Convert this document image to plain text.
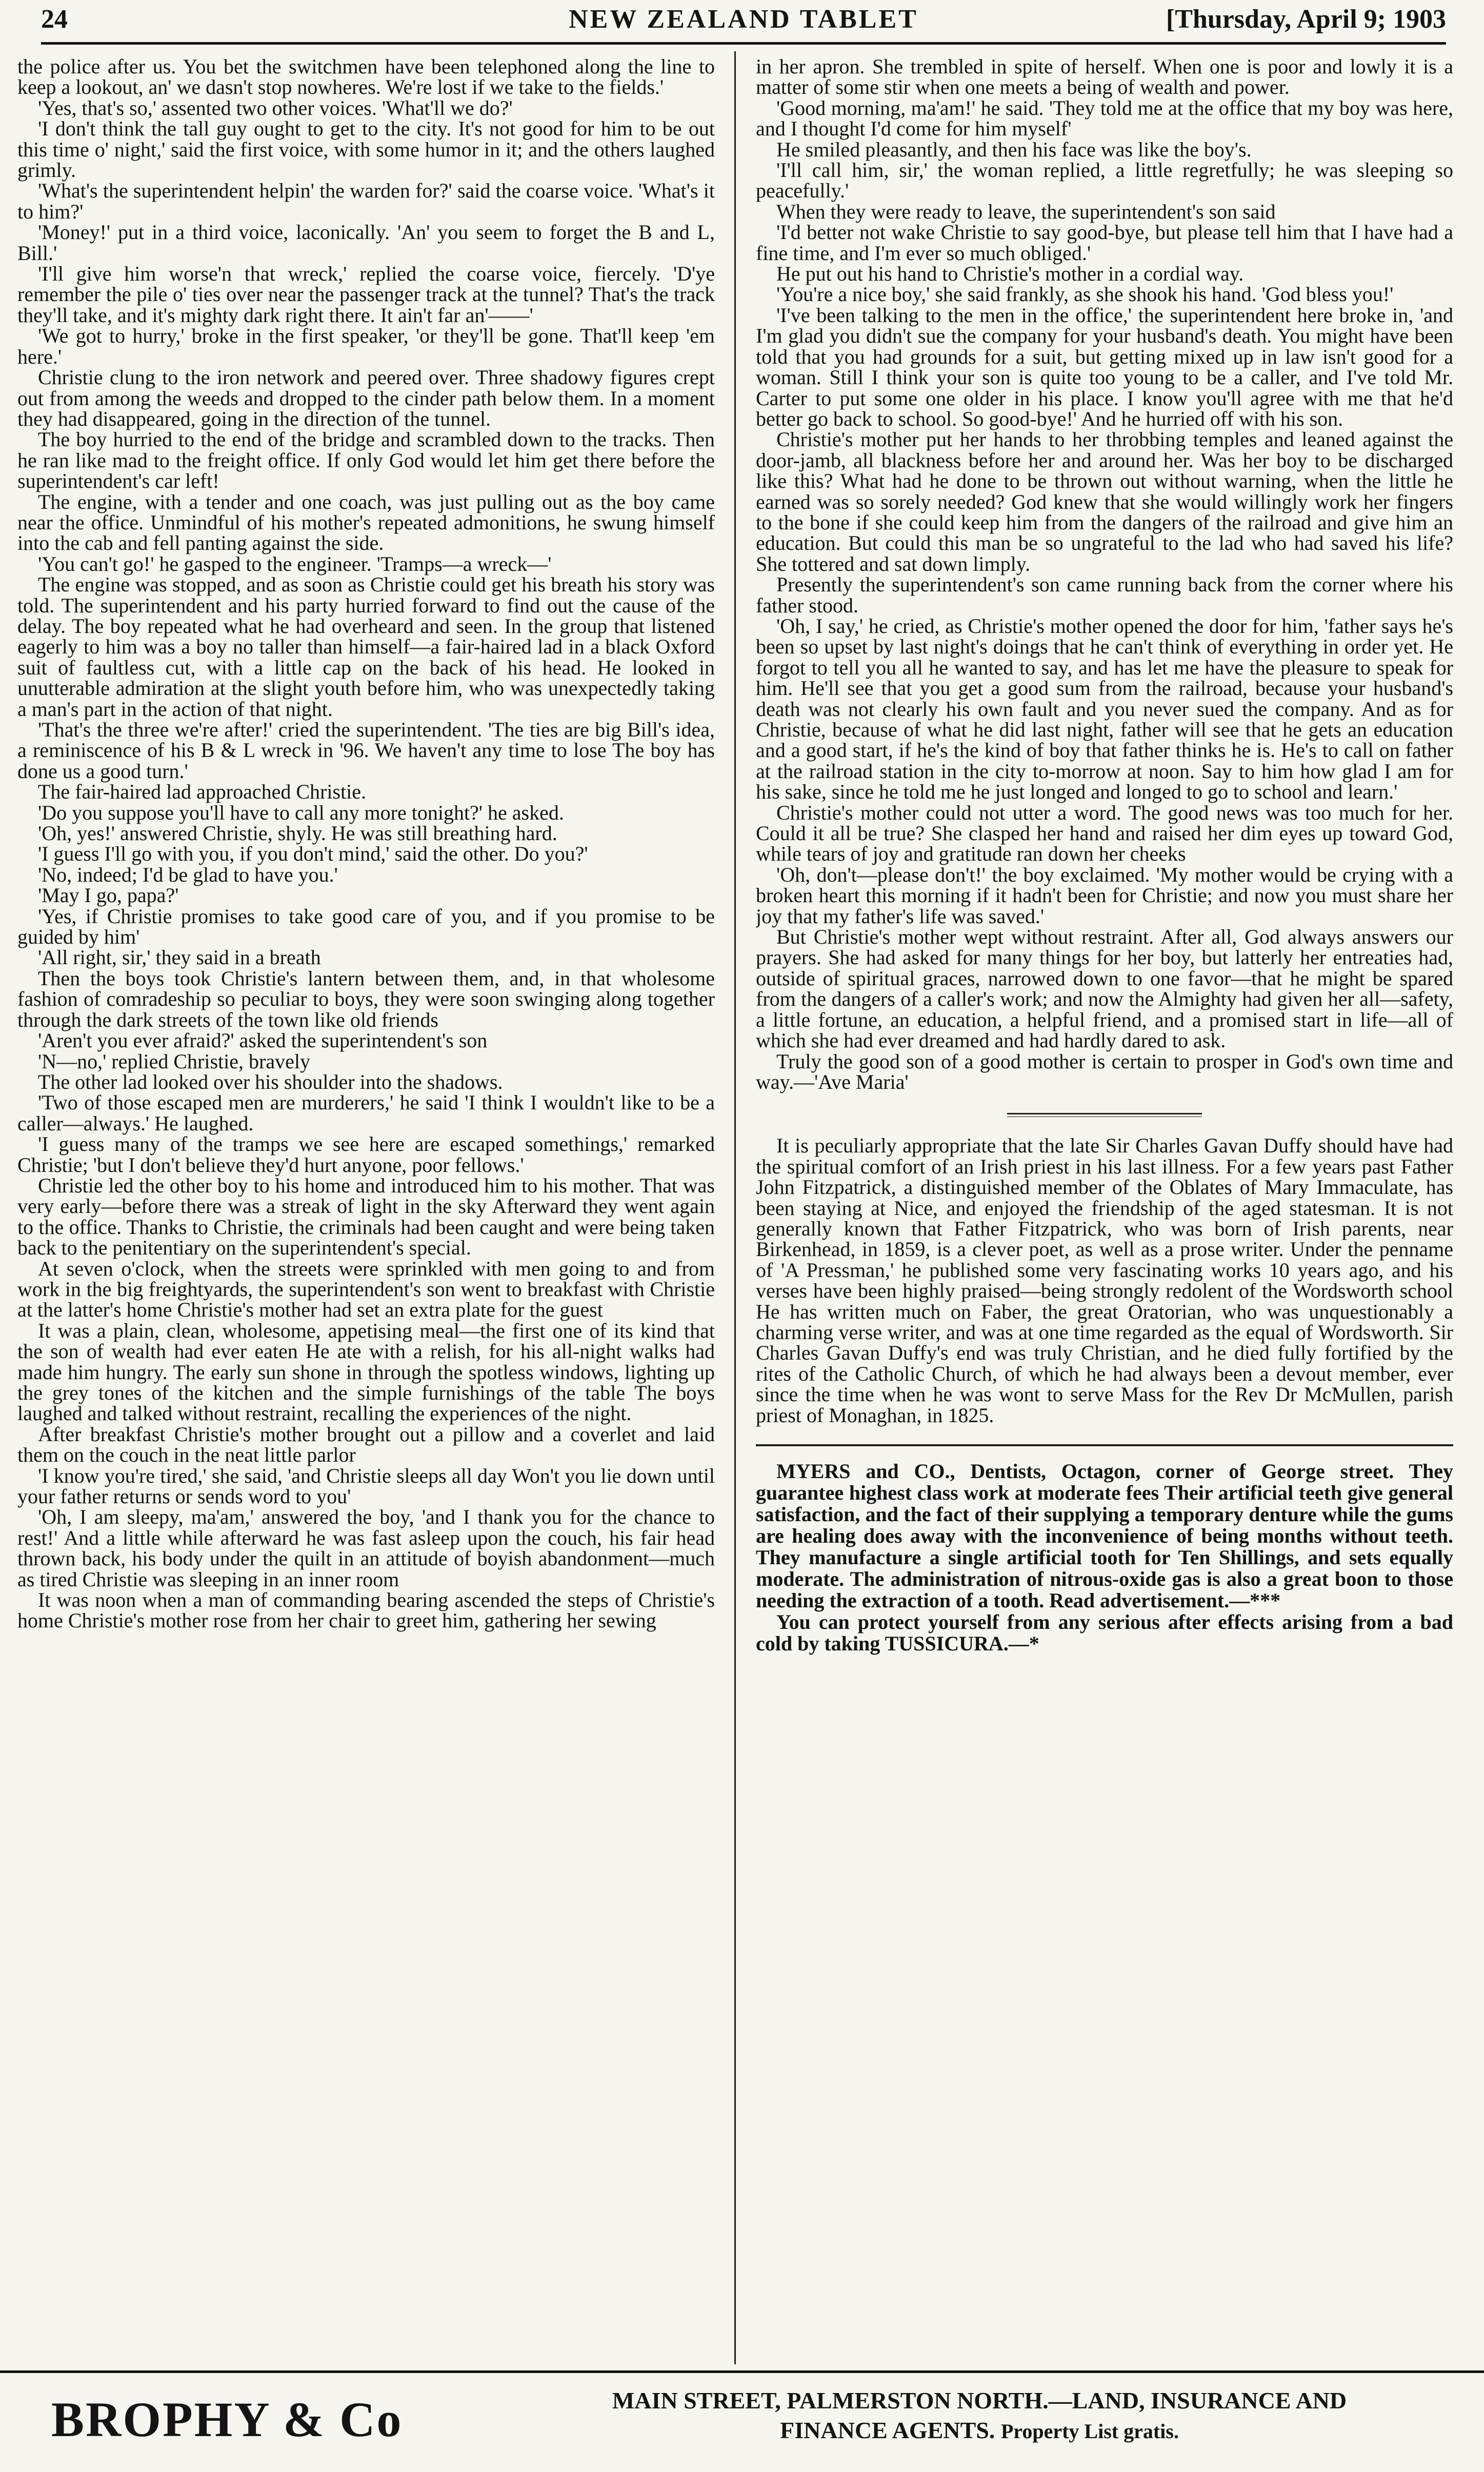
24	NEW ZEALAND TABLET	[Thursday, April 9; 1903

the police after us. You bet the switchmen have been telephoned along the line to keep a lookout, an' we dasn't stop nowheres. We're lost if we take to the fields.'

'Yes, that's so,' assented two other voices. 'What'll we do?'

'I don't think the tall guy ought to get to the city. It's not good for him to be out this time o' night,' said the first voice, with some humor in it; and the others laughed grimly.

'What's the superintendent helpin' the warden for?' said the coarse voice. 'What's it to him?'

'Money!' put in a third voice, laconically. 'An' you seem to forget the B and L, Bill.'

'I'll give him worse'n that wreck,' replied the coarse voice, fiercely. 'D'ye remember the pile o' ties over near the passenger track at the tunnel? That's the track they'll take, and it's mighty dark right there. It ain't far an'——'

'We got to hurry,' broke in the first speaker, 'or they'll be gone. That'll keep 'em here.'

Christie clung to the iron network and peered over. Three shadowy figures crept out from among the weeds and dropped to the cinder path below them. In a moment they had disappeared, going in the direction of the tunnel.

The boy hurried to the end of the bridge and scrambled down to the tracks. Then he ran like mad to the freight office. If only God would let him get there before the superintendent's car left!

The engine, with a tender and one coach, was just pulling out as the boy came near the office. Unmindful of his mother's repeated admonitions, he swung himself into the cab and fell panting against the side.

'You can't go!' he gasped to the engineer. 'Tramps—a wreck—'

The engine was stopped, and as soon as Christie could get his breath his story was told. The superintendent and his party hurried forward to find out the cause of the delay. The boy repeated what he had overheard and seen. In the group that listened eagerly to him was a boy no taller than himself—a fair-haired lad in a black Oxford suit of faultless cut, with a little cap on the back of his head. He looked in unutterable admiration at the slight youth before him, who was unexpectedly taking a man's part in the action of that night.

'That's the three we're after!' cried the superintendent. 'The ties are big Bill's idea, a reminiscence of his B & L wreck in '96. We haven't any time to lose The boy has done us a good turn.'

The fair-haired lad approached Christie.

'Do you suppose you'll have to call any more tonight?' he asked.

'Oh, yes!' answered Christie, shyly. He was still breathing hard.

'I guess I'll go with you, if you don't mind,' said the other. Do you?'

'No, indeed; I'd be glad to have you.'

'May I go, papa?'

'Yes, if Christie promises to take good care of you, and if you promise to be guided by him'

'All right, sir,' they said in a breath

Then the boys took Christie's lantern between them, and, in that wholesome fashion of comradeship so peculiar to boys, they were soon swinging along together through the dark streets of the town like old friends

'Aren't you ever afraid?' asked the superintendent's son

'N—no,' replied Christie, bravely

The other lad looked over his shoulder into the shadows.

'Two of those escaped men are murderers,' he said 'I think I wouldn't like to be a caller—always.' He laughed.

'I guess many of the tramps we see here are escaped somethings,' remarked Christie; 'but I don't believe they'd hurt anyone, poor fellows.'

Christie led the other boy to his home and introduced him to his mother. That was very early—before there was a streak of light in the sky Afterward they went again to the office. Thanks to Christie, the criminals had been caught and were being taken back to the penitentiary on the superintendent's special.

At seven o'clock, when the streets were sprinkled with men going to and from work in the big freightyards, the superintendent's son went to breakfast with Christie at the latter's home Christie's mother had set an extra plate for the guest

It was a plain, clean, wholesome, appetising meal—the first one of its kind that the son of wealth had ever eaten He ate with a relish, for his all-night walks had made him hungry. The early sun shone in through the spotless windows, lighting up the grey tones of the kitchen and the simple furnishings of the table The boys laughed and talked without restraint, recalling the experiences of the night.

After breakfast Christie's mother brought out a pillow and a coverlet and laid them on the couch in the neat little parlor

'I know you're tired,' she said, 'and Christie sleeps all day Won't you lie down until your father returns or sends word to you'

'Oh, I am sleepy, ma'am,' answered the boy, 'and I thank you for the chance to rest!' And a little while afterward he was fast asleep upon the couch, his fair head thrown back, his body under the quilt in an attitude of boyish abandonment—much as tired Christie was sleeping in an inner room

It was noon when a man of commanding bearing ascended the steps of Christie's home Christie's mother rose from her chair to greet him, gathering her sewing

in her apron. She trembled in spite of herself. When one is poor and lowly it is a matter of some stir when one meets a being of wealth and power.

'Good morning, ma'am!' he said. 'They told me at the office that my boy was here, and I thought I'd come for him myself'

He smiled pleasantly, and then his face was like the boy's.

'I'll call him, sir,' the woman replied, a little regretfully; he was sleeping so peacefully.'

When they were ready to leave, the superintendent's son said

'I'd better not wake Christie to say good-bye, but please tell him that I have had a fine time, and I'm ever so much obliged.'

He put out his hand to Christie's mother in a cordial way.

'You're a nice boy,' she said frankly, as she shook his hand. 'God bless you!'

'I've been talking to the men in the office,' the superintendent here broke in, 'and I'm glad you didn't sue the company for your husband's death. You might have been told that you had grounds for a suit, but getting mixed up in law isn't good for a woman. Still I think your son is quite too young to be a caller, and I've told Mr. Carter to put some one older in his place. I know you'll agree with me that he'd better go back to school. So good-bye!' And he hurried off with his son.

Christie's mother put her hands to her throbbing temples and leaned against the door-jamb, all blackness before her and around her. Was her boy to be discharged like this? What had he done to be thrown out without warning, when the little he earned was so sorely needed? God knew that she would willingly work her fingers to the bone if she could keep him from the dangers of the railroad and give him an education. But could this man be so ungrateful to the lad who had saved his life? She tottered and sat down limply.

Presently the superintendent's son came running back from the corner where his father stood.

'Oh, I say,' he cried, as Christie's mother opened the door for him, 'father says he's been so upset by last night's doings that he can't think of everything in order yet. He forgot to tell you all he wanted to say, and has let me have the pleasure to speak for him. He'll see that you get a good sum from the railroad, because your husband's death was not clearly his own fault and you never sued the company. And as for Christie, because of what he did last night, father will see that he gets an education and a good start, if he's the kind of boy that father thinks he is. He's to call on father at the railroad station in the city to-morrow at noon. Say to him how glad I am for his sake, since he told me he just longed and longed to go to school and learn.'

Christie's mother could not utter a word. The good news was too much for her. Could it all be true? She clasped her hand and raised her dim eyes up toward God, while tears of joy and gratitude ran down her cheeks

'Oh, don't—please don't!' the boy exclaimed. 'My mother would be crying with a broken heart this morning if it hadn't been for Christie; and now you must share her joy that my father's life was saved.'

But Christie's mother wept without restraint. After all, God always answers our prayers. She had asked for many things for her boy, but latterly her entreaties had, outside of spiritual graces, narrowed down to one favor—that he might be spared from the dangers of a caller's work; and now the Almighty had given her all—safety, a little fortune, an education, a helpful friend, and a promised start in life—all of which she had ever dreamed and had hardly dared to ask.

Truly the good son of a good mother is certain to prosper in God's own time and way.—'Ave Maria'

It is peculiarly appropriate that the late Sir Charles Gavan Duffy should have had the spiritual comfort of an Irish priest in his last illness. For a few years past Father John Fitzpatrick, a distinguished member of the Oblates of Mary Immaculate, has been staying at Nice, and enjoyed the friendship of the aged statesman. It is not generally known that Father Fitzpatrick, who was born of Irish parents, near Birkenhead, in 1859, is a clever poet, as well as a prose writer. Under the penname of 'A Pressman,' he published some very fascinating works 10 years ago, and his verses have been highly praised—being strongly redolent of the Wordsworth school He has written much on Faber, the great Oratorian, who was unquestionably a charming verse writer, and was at one time regarded as the equal of Wordsworth. Sir Charles Gavan Duffy's end was truly Christian, and he died fully fortified by the rites of the Catholic Church, of which he had always been a devout member, ever since the time when he was wont to serve Mass for the Rev Dr McMullen, parish priest of Monaghan, in 1825.

MYERS and CO., Dentists, Octagon, corner of George street. They guarantee highest class work at moderate fees Their artificial teeth give general satisfaction, and the fact of their supplying a temporary denture while the gums are healing does away with the inconvenience of being months without teeth. They manufacture a single artificial tooth for Ten Shillings, and sets equally moderate. The administration of nitrous-oxide gas is also a great boon to those needing the extraction of a tooth. Read advertisement.—***

You can protect yourself from any serious after effects arising from a bad cold by taking TUSSICURA.—*

BROPHY & Co	MAIN STREET, PALMERSTON NORTH.—LAND, INSURANCE AND
FINANCE AGENTS. Property List gratis.
